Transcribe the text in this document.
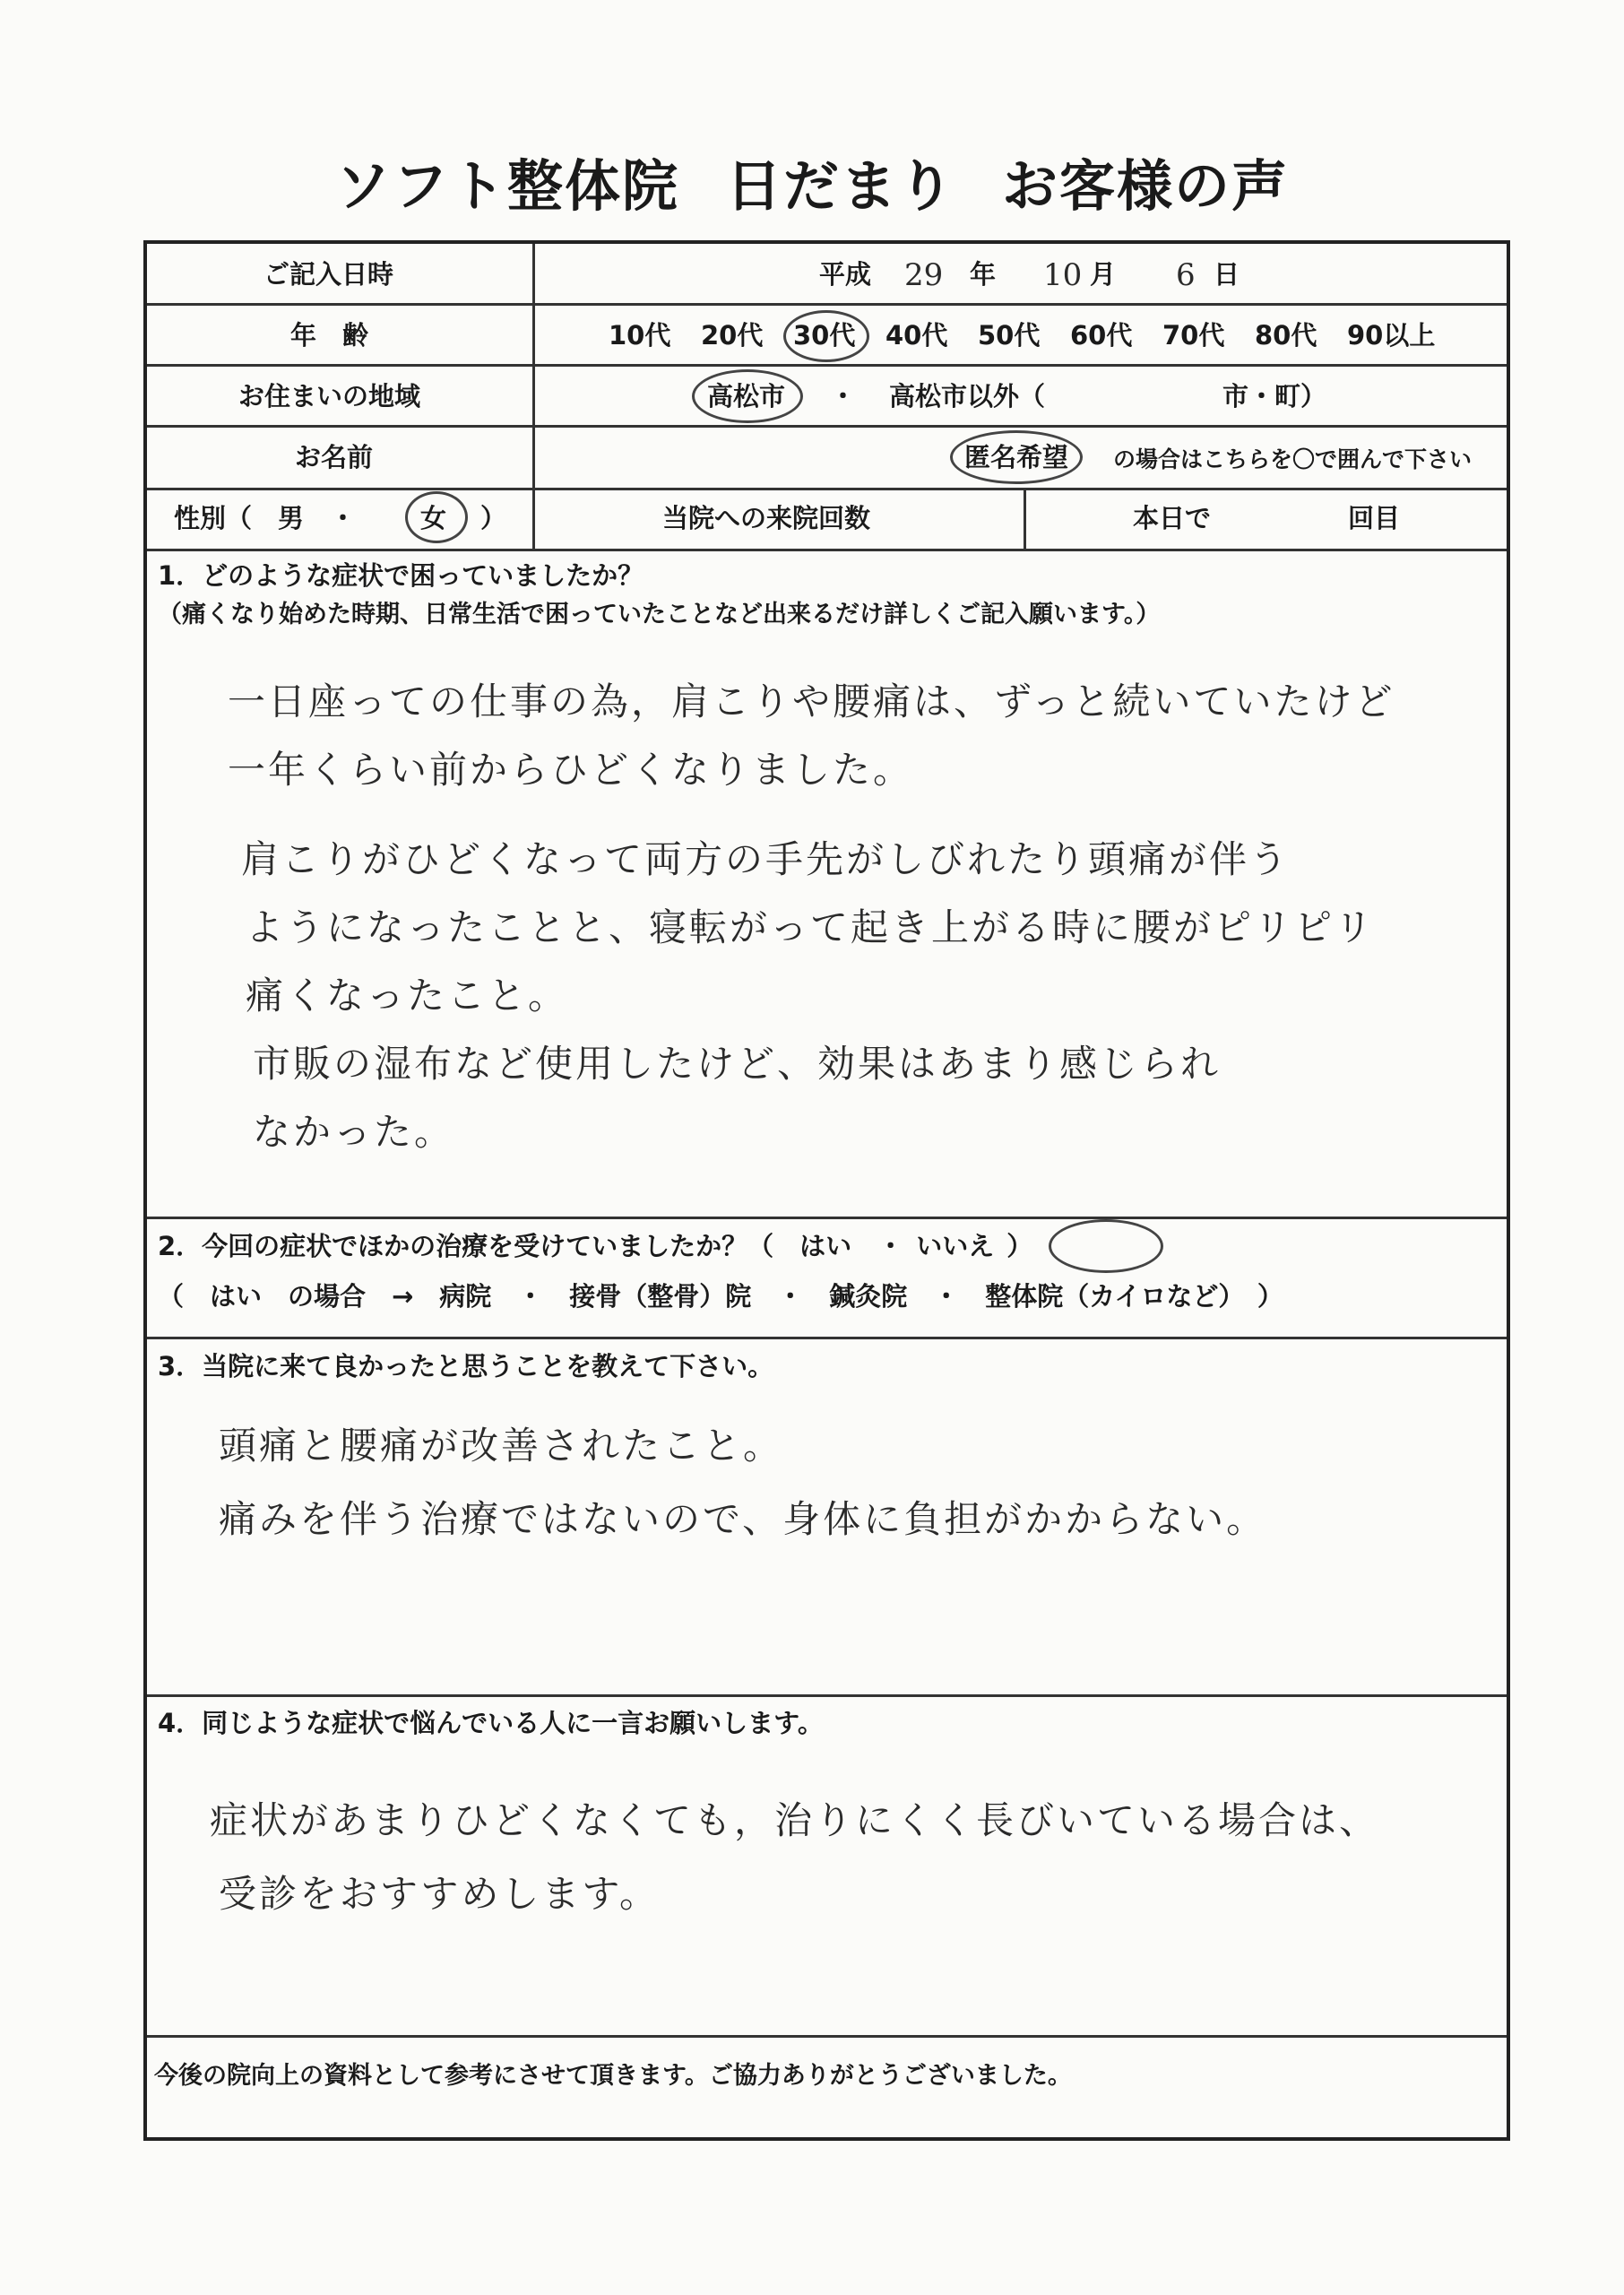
ソフト整体院 日だまり お客様の声
ご記入日時	平成 29 年 10 月 6 日
年　齢	10代 20代 30代 40代 50代 60代 70代 80代 90以上
お住まいの地域	高松市 ・ 高松市以外（	市・町）
お名前	匿名希望 の場合はこちらを〇で囲んで下さい
性別（　男　・ 女 ）	当院への来院回数	本日で	回目
1．どのような症状で困っていましたか？
（痛くなり始めた時期、日常生活で困っていたことなど出来るだけ詳しくご記入願います。）
一日座っての仕事の為，肩こりや腰痛は、ずっと続いていたけど
一年くらい前からひどくなりました。
肩こりがひどくなって両方の手先がしびれたり頭痛が伴う
ようになったことと、寝転がって起き上がる時に腰がピリピリ
痛くなったこと。
市販の湿布など使用したけど、効果はあまり感じられ
なかった。
2．今回の症状でほかの治療を受けていましたか？（　はい　・ いいえ ）
（　はい　の場合　→　病院　・　接骨（整骨）院　・　鍼灸院　・　整体院（カイロなど）　）
3．当院に来て良かったと思うことを教えて下さい。
頭痛と腰痛が改善されたこと。
痛みを伴う治療ではないので、身体に負担がかからない。
4．同じような症状で悩んでいる人に一言お願いします。
症状があまりひどくなくても，治りにくく長びいている場合は、
受診をおすすめします。
今後の院向上の資料として参考にさせて頂きます。ご協力ありがとうございました。
